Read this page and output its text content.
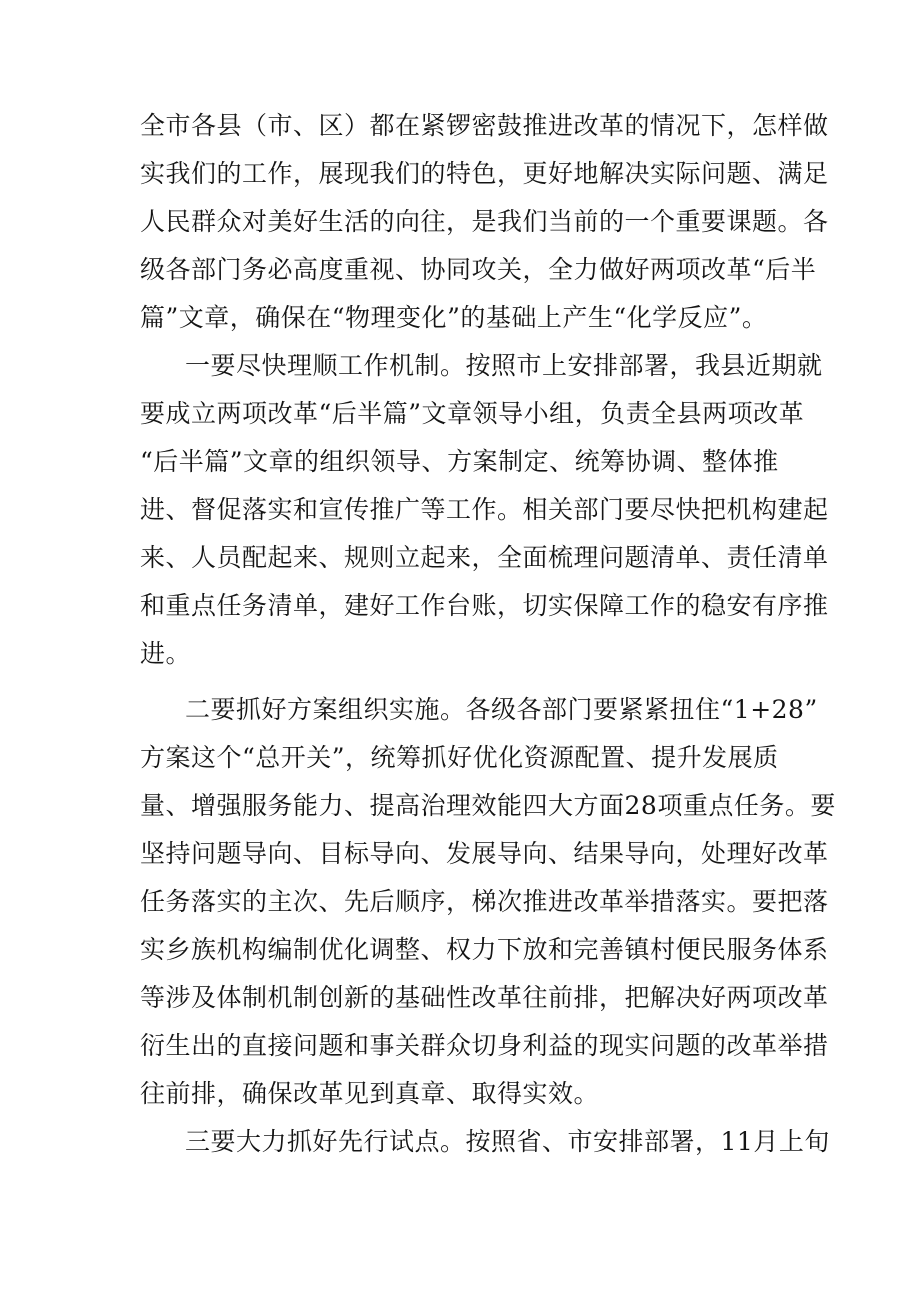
全市各县（市、区）都在紧锣密鼓推进改革的情况下，怎样做
实我们的工作，展现我们的特色，更好地解决实际问题、满足
人民群众对美好生活的向往，是我们当前的一个重要课题。各
级各部门务必高度重视、协同攻关，全力做好两项改革“后半
篇”文章，确保在“物理变化”的基础上产生“化学反应”。
一要尽快理顺工作机制。按照市上安排部署，我县近期就
要成立两项改革“后半篇”文章领导小组，负责全县两项改革
“后半篇”文章的组织领导、方案制定、统筹协调、整体推
进、督促落实和宣传推广等工作。相关部门要尽快把机构建起
来、人员配起来、规则立起来，全面梳理问题清单、责任清单
和重点任务清单，建好工作台账，切实保障工作的稳安有序推
进。
二要抓好方案组织实施。各级各部门要紧紧扭住“1+28”
方案这个“总开关”，统筹抓好优化资源配置、提升发展质
量、增强服务能力、提高治理效能四大方面28项重点任务。要
坚持问题导向、目标导向、发展导向、结果导向，处理好改革
任务落实的主次、先后顺序，梯次推进改革举措落实。要把落
实乡族机构编制优化调整、权力下放和完善镇村便民服务体系
等涉及体制机制创新的基础性改革往前排，把解决好两项改革
衍生出的直接问题和事关群众切身利益的现实问题的改革举措
往前排，确保改革见到真章、取得实效。
三要大力抓好先行试点。按照省、市安排部署，11月上旬
